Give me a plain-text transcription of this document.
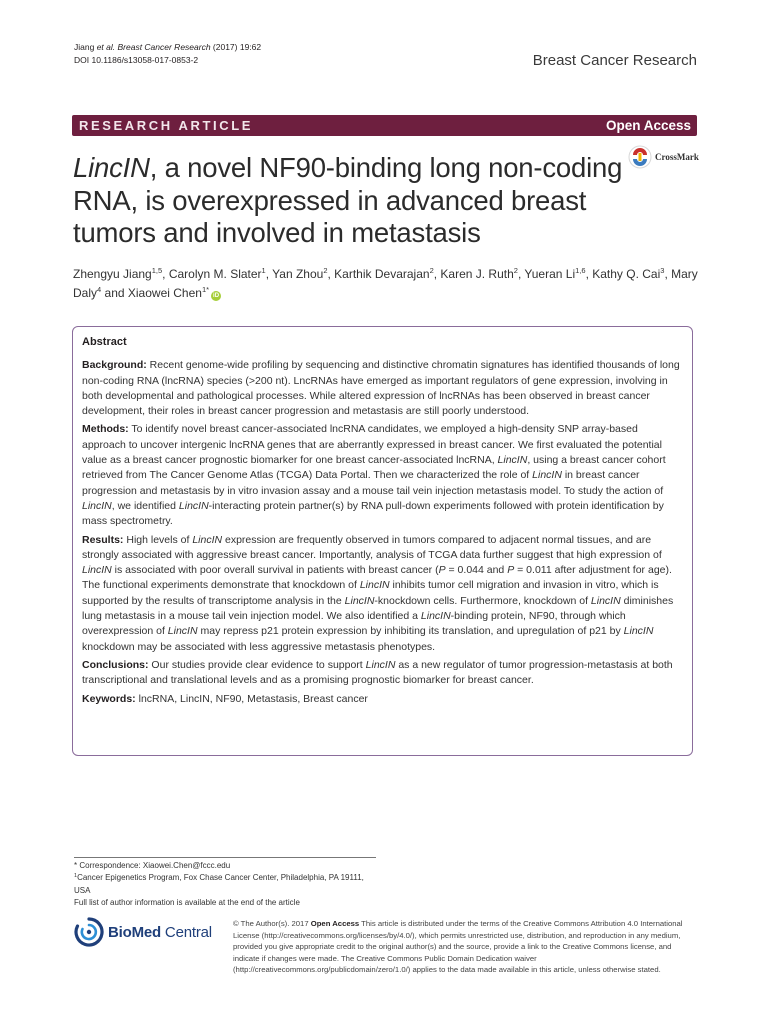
Jiang et al. Breast Cancer Research (2017) 19:62
DOI 10.1186/s13058-017-0853-2	Breast Cancer Research
RESEARCH ARTICLE	Open Access
CrossMark
LincIN, a novel NF90-binding long non-coding RNA, is overexpressed in advanced breast tumors and involved in metastasis
Zhengyu Jiang$^{1,5}$, Carolyn M. Slater$^1$, Yan Zhou$^2$, Karthik Devarajan$^2$, Karen J. Ruth$^2$, Yueran Li$^{1,6}$, Kathy Q. Cai$^3$, Mary Daly$^4$ and Xiaowei Chen$^{1*}$iD
Abstract

Background: Recent genome-wide profiling by sequencing and distinctive chromatin signatures has identified thousands of long non-coding RNA (lncRNA) species (>200 nt). LncRNAs have emerged as important regulators of gene expression, involving in both developmental and pathological processes. While altered expression of lncRNAs has been observed in breast cancer development, their roles in breast cancer progression and metastasis are still poorly understood.

Methods: To identify novel breast cancer-associated lncRNA candidates, we employed a high-density SNP array-based approach to uncover intergenic lncRNA genes that are aberrantly expressed in breast cancer. We first evaluated the potential value as a breast cancer prognostic biomarker for one breast cancer-associated lncRNA, LincIN, using a breast cancer cohort retrieved from The Cancer Genome Atlas (TCGA) Data Portal. Then we characterized the role of LincIN in breast cancer progression and metastasis by in vitro invasion assay and a mouse tail vein injection metastasis model. To study the action of LincIN, we identified LincIN-interacting protein partner(s) by RNA pull-down experiments followed with protein identification by mass spectrometry.

Results: High levels of LincIN expression are frequently observed in tumors compared to adjacent normal tissues, and are strongly associated with aggressive breast cancer. Importantly, analysis of TCGA data further suggest that high expression of LincIN is associated with poor overall survival in patients with breast cancer (P = 0.044 and P = 0.011 after adjustment for age). The functional experiments demonstrate that knockdown of LincIN inhibits tumor cell migration and invasion in vitro, which is supported by the results of transcriptome analysis in the LincIN-knockdown cells. Furthermore, knockdown of LincIN diminishes lung metastasis in a mouse tail vein injection model. We also identified a LincIN-binding protein, NF90, through which overexpression of LincIN may repress p21 protein expression by inhibiting its translation, and upregulation of p21 by LincIN knockdown may be associated with less aggressive metastasis phenotypes.

Conclusions: Our studies provide clear evidence to support LincIN as a new regulator of tumor progression-metastasis at both transcriptional and translational levels and as a promising prognostic biomarker for breast cancer.

Keywords: lncRNA, LincIN, NF90, Metastasis, Breast cancer

* Correspondence: Xiaowei.Chen@fccc.edu
$^1$Cancer Epigenetics Program, Fox Chase Cancer Center, Philadelphia, PA 19111, USA
Full list of author information is available at the end of the article
BioMed Central	© The Author(s). 2017 Open Access This article is distributed under the terms of the Creative Commons Attribution 4.0 International License (http://creativecommons.org/licenses/by/4.0/), which permits unrestricted use, distribution, and reproduction in any medium, provided you give appropriate credit to the original author(s) and the source, provide a link to the Creative Commons license, and indicate if changes were made. The Creative Commons Public Domain Dedication waiver (http://creativecommons.org/publicdomain/zero/1.0/) applies to the data made available in this article, unless otherwise stated.
